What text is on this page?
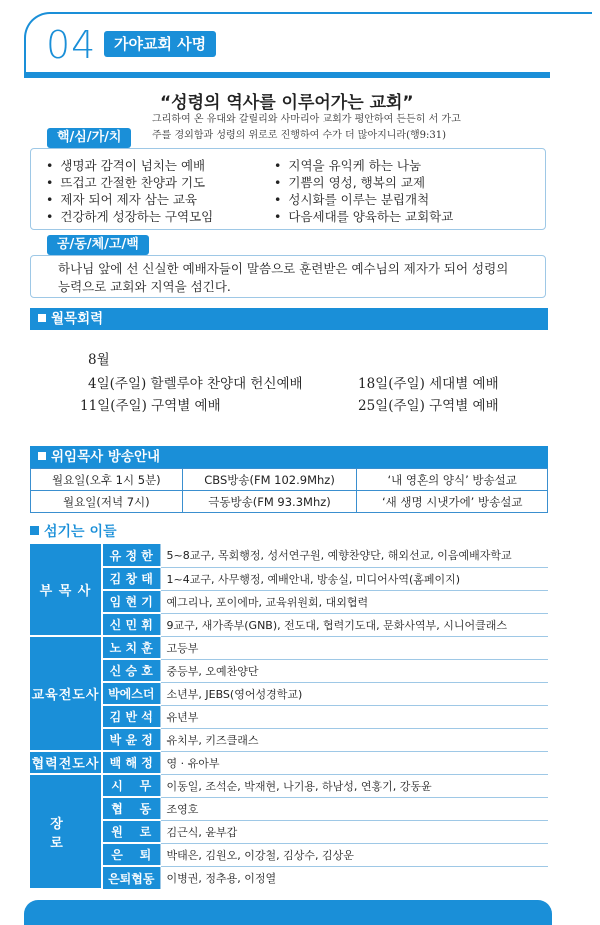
04	가야교회 사명
“성령의 역사를 이루어가는 교회”
그리하여 온 유대와 갈릴리와 사마리아 교회가 평안하여 든든히 서 가고
주를 경외함과 성령의 위로로 진행하여 수가 더 많아지니라(행9:31)
핵/심/가/치
• 생명과 감격이 넘치는 예배
• 뜨겁고 간절한 찬양과 기도
• 제자 되어 제자 삼는 교육
• 건강하게 성장하는 구역모임
• 지역을 유익케 하는 나눔
• 기쁨의 영성, 행복의 교제
• 성시화를 이루는 분립개척
• 다음세대를 양육하는 교회학교
공/동/체/고/백
하나님 앞에 선 신실한 예배자들이 말씀으로 훈련받은 예수님의 제자가 되어 성령의
능력으로 교회와 지역을 섬긴다.
월목회력
8월
4일(주일) 할렐루야 찬양대 헌신예배	18일(주일) 세대별 예배
11일(주일) 구역별 예배	25일(주일) 구역별 예배
위임목사 방송안내
월요일(오후 1시 5분)	CBS방송(FM 102.9Mhz)	‘내 영혼의 양식’ 방송설교
월요일(저녁 7시)	극동방송(FM 93.3Mhz)	‘새 생명 시냇가에’ 방송설교
섬기는 이들
부 목 사	유 정 한	5~8교구, 목회행정, 성서연구원, 예향찬양단, 해외선교, 이음예배자학교
	김 창 태	1~4교구, 사무행정, 예배안내, 방송실, 미디어사역(홈페이지)
	임 현 기	예그리나, 포이에마, 교육위원회, 대외협력
	신 민 휘	9교구, 새가족부(GNB), 전도대, 협력기도대, 문화사역부, 시니어클래스
교육전도사	노 치 훈	고등부
	신 승 호	중등부, 오예찬양단
	박에스더	소년부, JEBS(영어성경학교)
	김 반 석	유년부
	박 윤 정	유치부, 키즈클래스
협력전도사	백 해 정	영 · 유아부
장 로	시    무	이동일, 조석순, 박재현, 나기용, 하남성, 연홍기, 강동윤
	협    동	조영호
	원    로	김근식, 윤부갑
	은    퇴	박태은, 김원오, 이강철, 김상수, 김상운
	은퇴협동	이병권, 정추용, 이정열
